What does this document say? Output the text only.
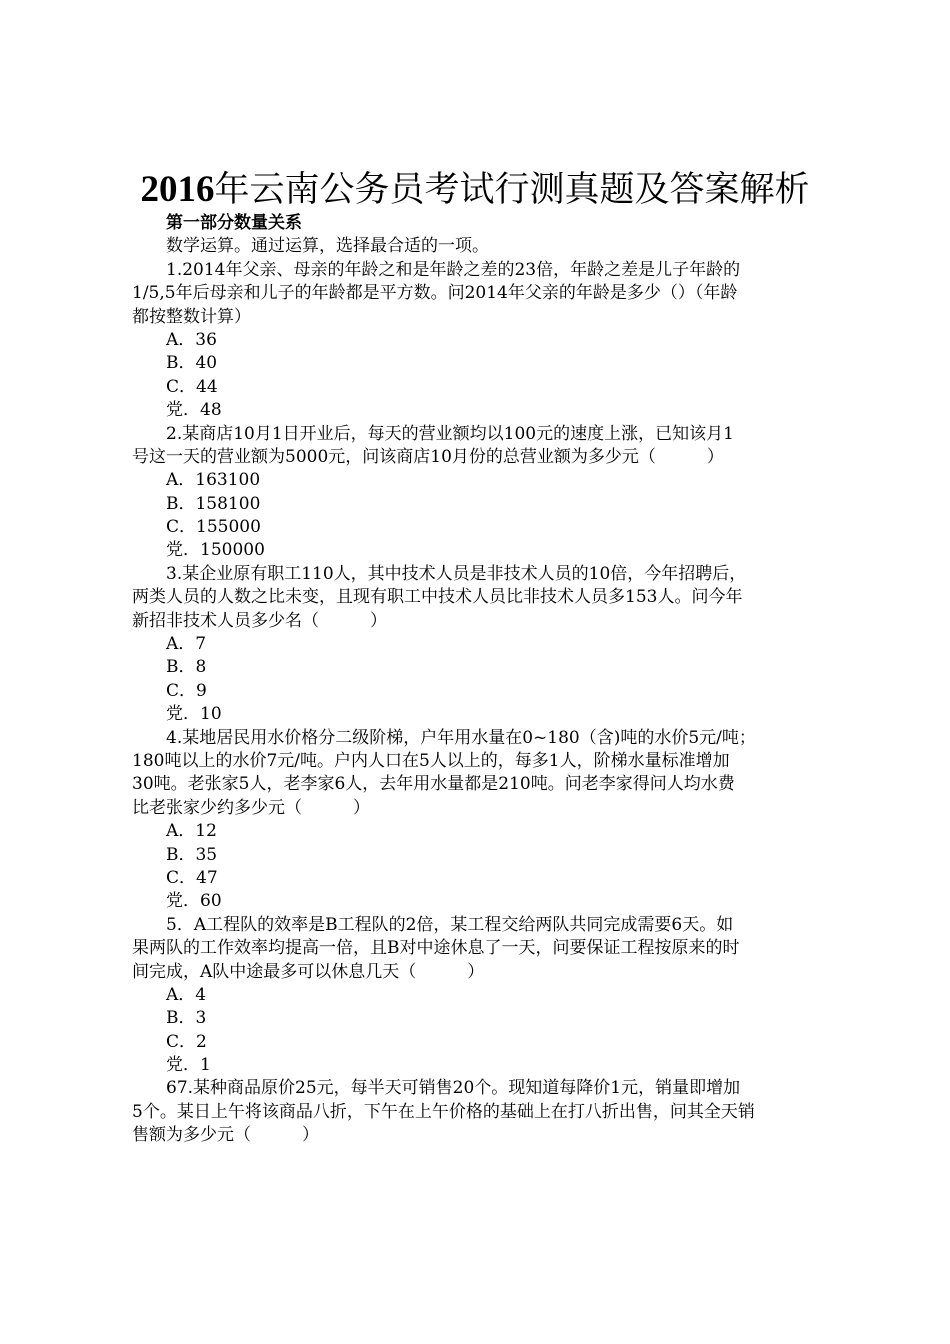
2016年云南公务员考试行测真题及答案解析
第一部分数量关系
数学运算。通过运算，选择最合适的一项。
1.2014年父亲、母亲的年龄之和是年龄之差的23倍，年龄之差是儿子年龄的
1/5,5年后母亲和儿子的年龄都是平方数。问2014年父亲的年龄是多少（）（年龄
都按整数计算）
A．36
B．40
C．44
党．48
2.某商店10月1日开业后，每天的营业额均以100元的速度上涨，已知该月1
号这一天的营业额为5000元，问该商店10月份的总营业额为多少元（　　　）
A．163100
B．158100
C．155000
党．150000
3.某企业原有职工110人，其中技术人员是非技术人员的10倍，今年招聘后，
两类人员的人数之比未变，且现有职工中技术人员比非技术人员多153人。问今年
新招非技术人员多少名（　　　）
A．7
B．8
C．9
党．10
4.某地居民用水价格分二级阶梯，户年用水量在0~180（含)吨的水价5元/吨；
180吨以上的水价7元/吨。户内人口在5人以上的，每多1人，阶梯水量标准增加
30吨。老张家5人，老李家6人，去年用水量都是210吨。问老李家得问人均水费
比老张家少约多少元（　　　）
A．12
B．35
C．47
党．60
5．A工程队的效率是B工程队的2倍，某工程交给两队共同完成需要6天。如
果两队的工作效率均提高一倍，且B对中途休息了一天，问要保证工程按原来的时
间完成，A队中途最多可以休息几天（　　　）
A．4
B．3
C．2
党．1
67.某种商品原价25元，每半天可销售20个。现知道每降价1元，销量即增加
5个。某日上午将该商品八折，下午在上午价格的基础上在打八折出售，问其全天销
售额为多少元（　　　）
